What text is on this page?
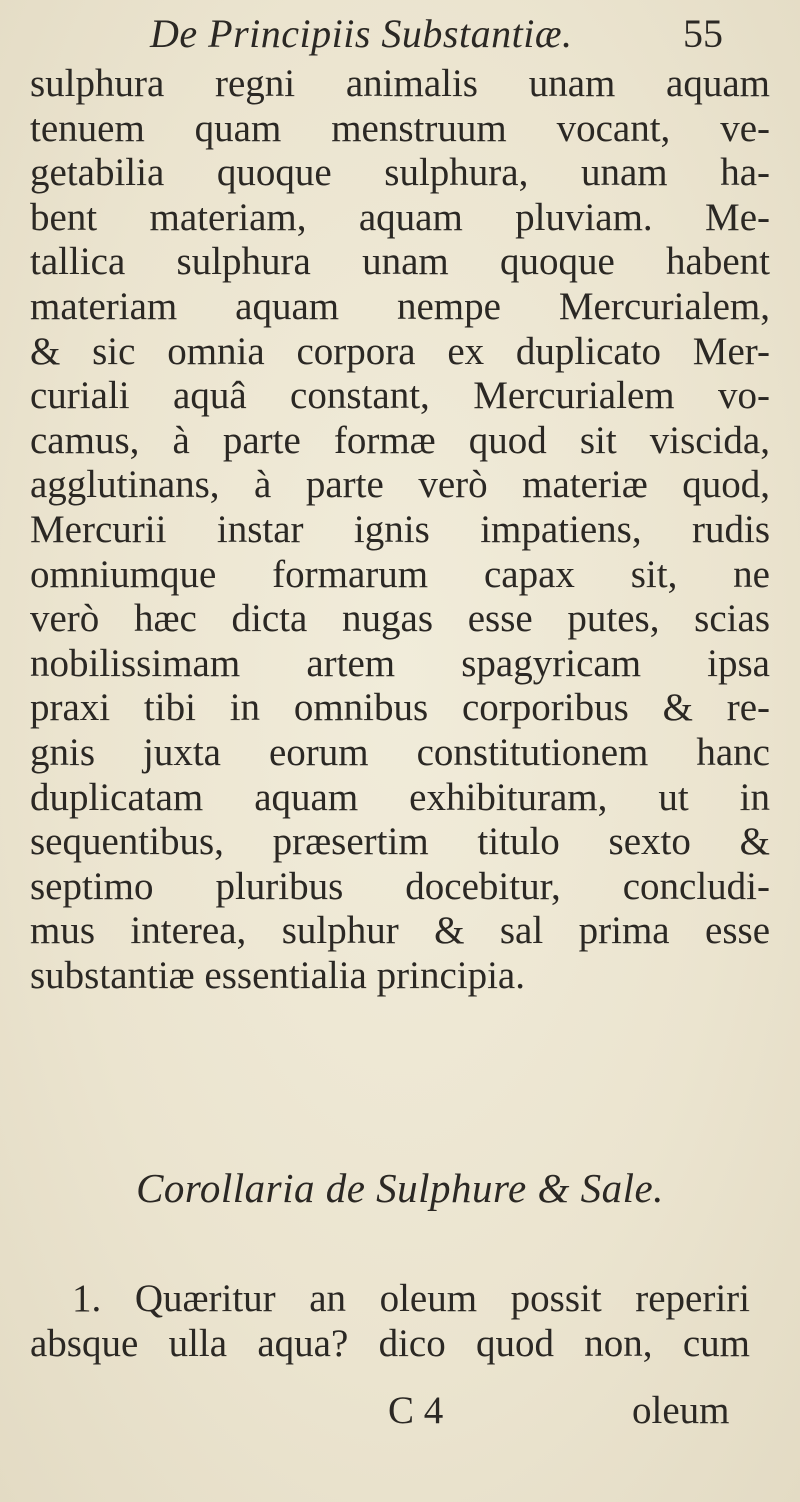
De Principiis Substantiæ.	55
sulphura regni animalis unam aquam
tenuem quam menstruum vocant, ve-
getabilia quoque sulphura, unam ha-
bent materiam, aquam pluviam. Me-
tallica sulphura unam quoque habent
materiam aquam nempe Mercurialem,
& sic omnia corpora ex duplicato Mer-
curiali aquâ constant, Mercurialem vo-
camus, à parte formæ quod sit viscida,
agglutinans, à parte verò materiæ quod,
Mercurii instar ignis impatiens, rudis
omniumque formarum capax sit, ne
verò hæc dicta nugas esse putes, scias
nobilissimam artem spagyricam ipsa
praxi tibi in omnibus corporibus & re-
gnis juxta eorum constitutionem hanc
duplicatam aquam exhibituram, ut in
sequentibus, præsertim titulo sexto &
septimo pluribus docebitur, concludi-
mus interea, sulphur & sal prima esse
substantiæ essentialia principia.
Corollaria de Sulphure & Sale.
1. Quæritur an oleum possit reperiri
absque ulla aqua? dico quod non, cum
C 4	oleum
